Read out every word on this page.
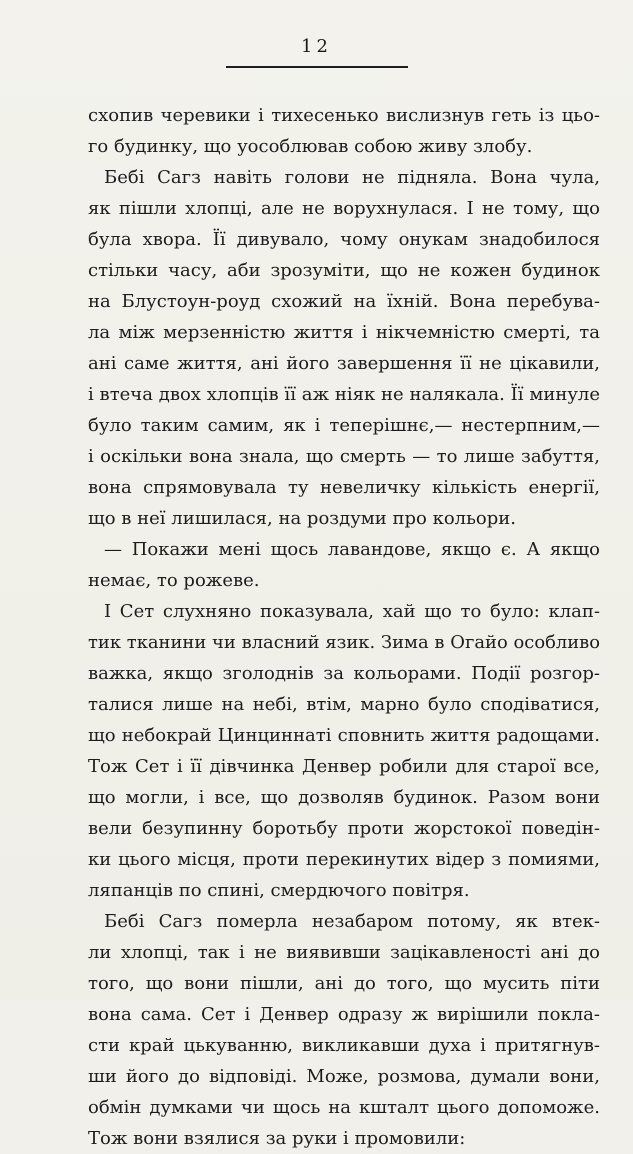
12
схопив черевики і тихесенько вислизнув геть із цьо-
го будинку, що уособлював собою живу злобу.
Бебі Сагз навіть голови не підняла. Вона чула,
як пішли хлопці, але не ворухнулася. І не тому, що
була хвора. Її дивувало, чому онукам знадобилося
стільки часу, аби зрозуміти, що не кожен будинок
на Блустоун-роуд схожий на їхній. Вона перебува-
ла між мерзенністю життя і нікчемністю смерті, та
ані саме життя, ані його завершення її не цікавили,
і втеча двох хлопців її аж ніяк не налякала. Її минуле
було таким самим, як і теперішнє,— нестерпним,—
і оскільки вона знала, що смерть — то лише забуття,
вона спрямовувала ту невеличку кількість енергії,
що в неї лишилася, на роздуми про кольори.
— Покажи мені щось лавандове, якщо є. А якщо
немає, то рожеве.
І Сет слухняно показувала, хай що то було: клап-
тик тканини чи власний язик. Зима в Огайо особливо
важка, якщо зголоднів за кольорами. Події розгор-
талися лише на небі, втім, марно було сподіватися,
що небокрай Цинциннаті сповнить життя радощами.
Тож Сет і її дівчинка Денвер робили для старої все,
що могли, і все, що дозволяв будинок. Разом вони
вели безупинну боротьбу проти жорстокої поведін-
ки цього місця, проти перекинутих відер з помиями,
ляпанців по спині, смердючого повітря.
Бебі Сагз померла незабаром потому, як втек-
ли хлопці, так і не виявивши зацікавленості ані до
того, що вони пішли, ані до того, що мусить піти
вона сама. Сет і Денвер одразу ж вирішили покла-
сти край цькуванню, викликавши духа і притягнув-
ши його до відповіді. Може, розмова, думали вони,
обмін думками чи щось на кшталт цього допоможе.
Тож вони взялися за руки і промовили:
